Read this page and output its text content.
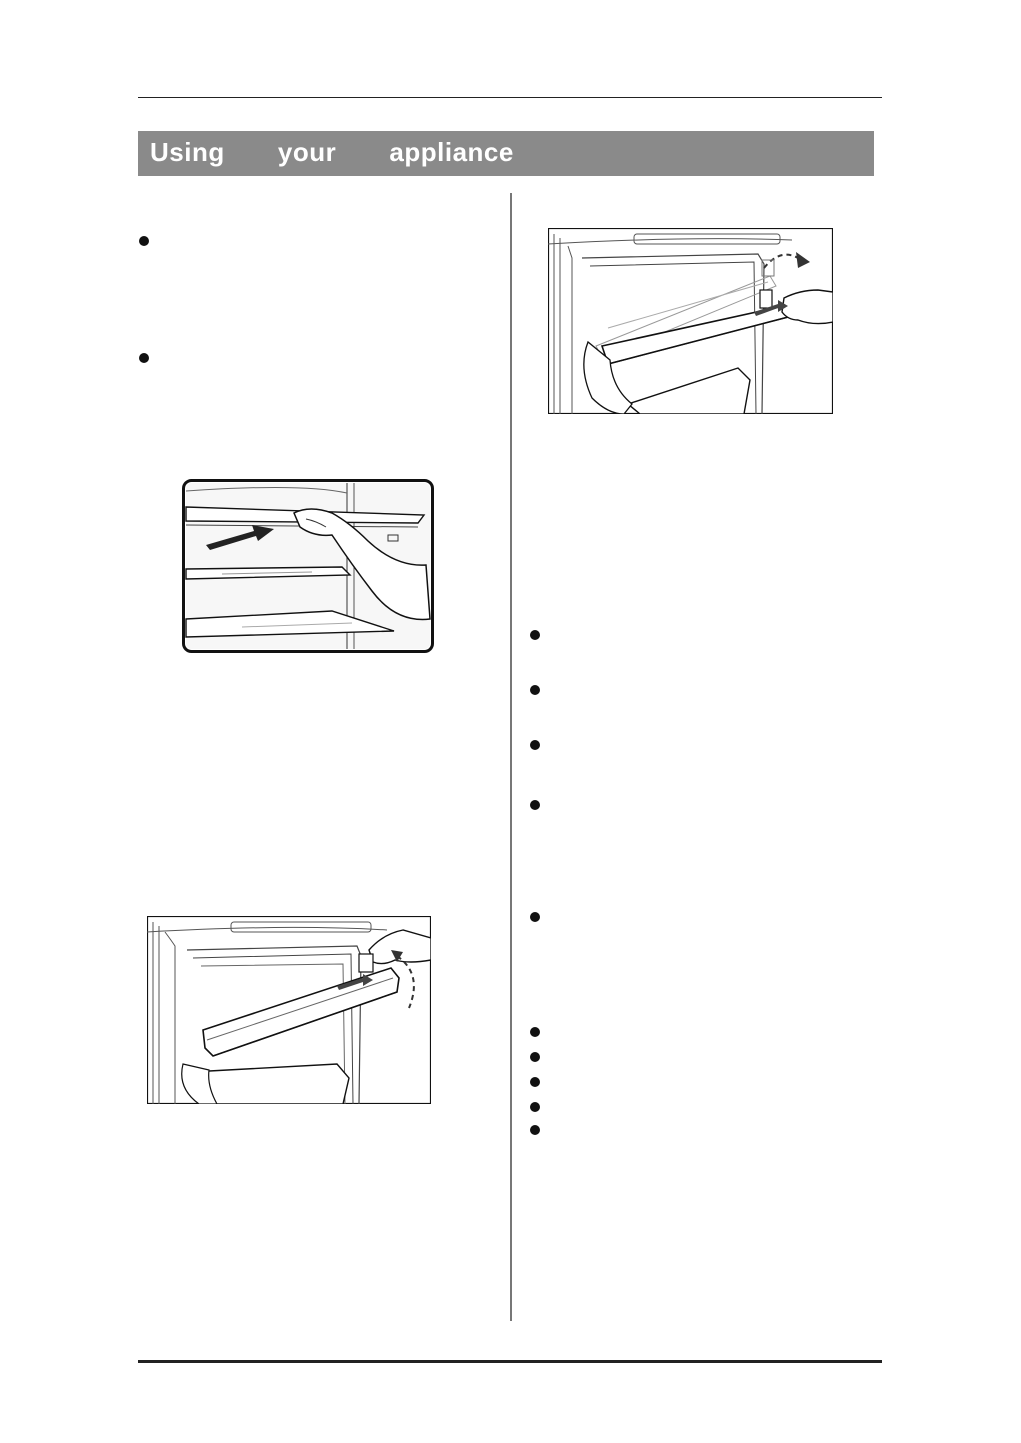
Using   your   appliance
